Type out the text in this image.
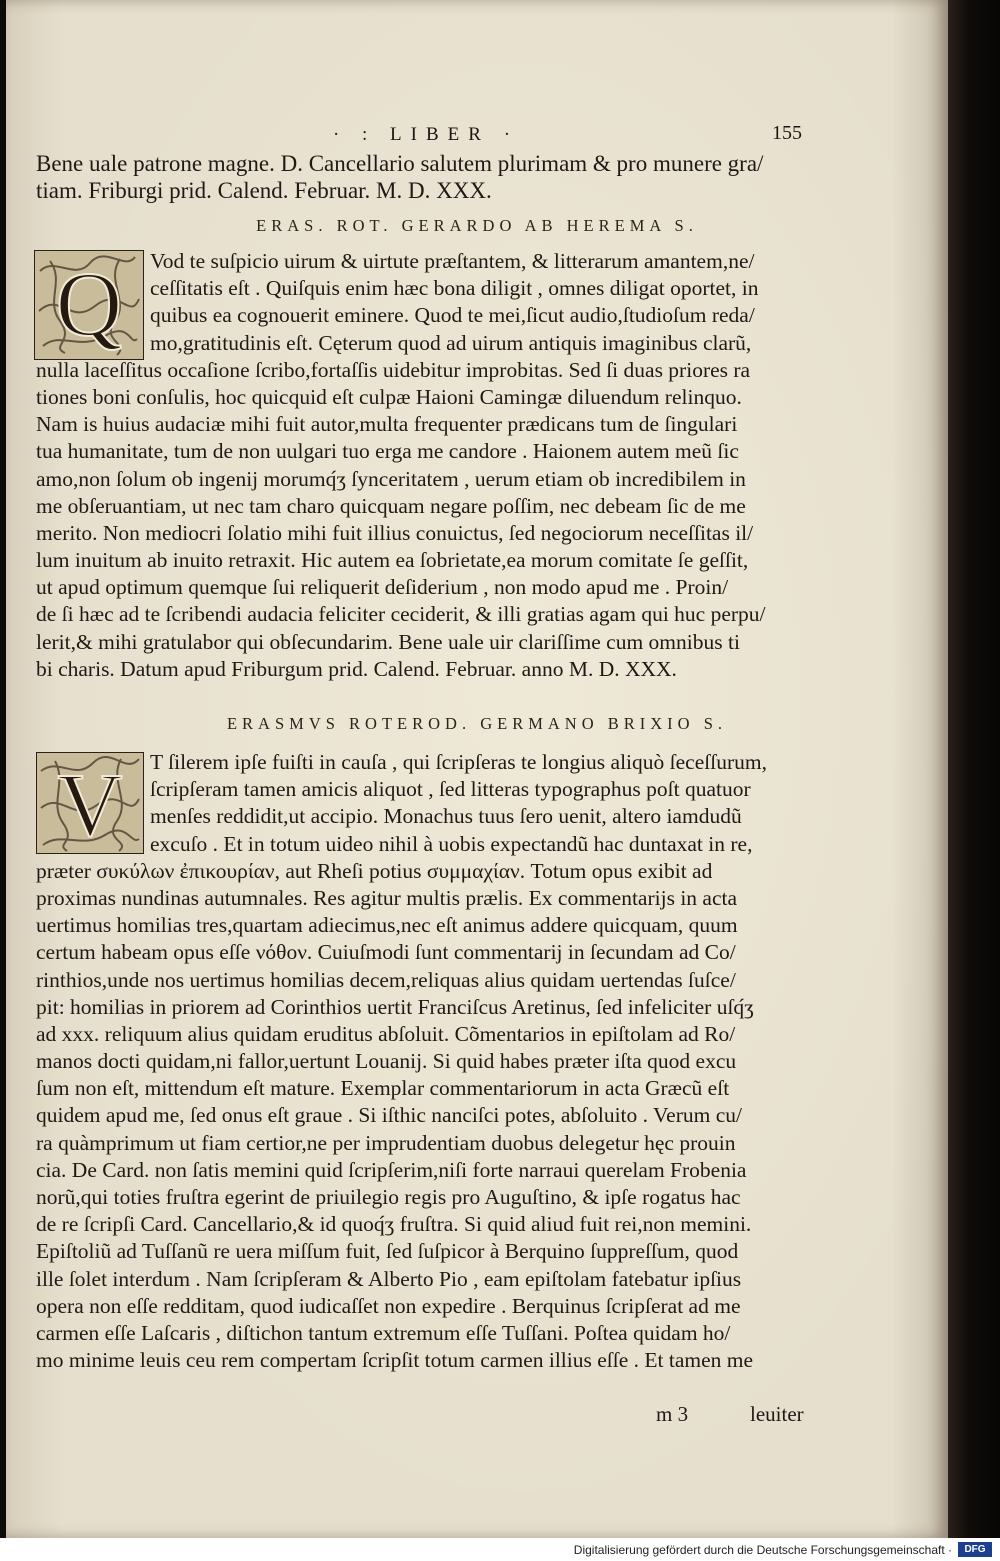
· : LIBER ·	155
Bene uale patrone magne. D. Cancellario salutem plurimam & pro munere gra/
tiam. Friburgi prid. Calend. Februar. M. D. XXX.
ERAS. ROT. GERARDO AB HEREMA S.
Q	Vod te suſpicio uirum & uirtute præſtantem, & litterarum amantem,ne/
ceſſitatis eſt . Quiſquis enim hæc bona diligit , omnes diligat oportet, in
quibus ea cognouerit eminere. Quod te mei,ſicut audio,ſtudioſum reda/
mo,gratitudinis eſt. Cęterum quod ad uirum antiquis imaginibus clarũ,
nulla laceſſitus occaſione ſcribo,fortaſſis uidebitur improbitas. Sed ſi duas priores ra
tiones boni conſulis, hoc quicquid eſt culpæ Haioni Camingæ diluendum relinquo.
Nam is huius audaciæ mihi fuit autor,multa frequenter prædicans tum de ſingulari
tua humanitate, tum de non uulgari tuo erga me candore . Haionem autem meũ ſic
amo,non ſolum ob ingenij morumq́ʒ ſynceritatem , uerum etiam ob incredibilem in
me obſeruantiam, ut nec tam charo quicquam negare poſſim, nec debeam ſic de me
merito. Non mediocri ſolatio mihi fuit illius conuictus, ſed negociorum neceſſitas il/
lum inuitum ab inuito retraxit. Hic autem ea ſobrietate,ea morum comitate ſe geſſit,
ut apud optimum quemque ſui reliquerit deſiderium , non modo apud me . Proin/
de ſi hæc ad te ſcribendi audacia feliciter ceciderit, & illi gratias agam qui huc perpu/
lerit,& mihi gratulabor qui obſecundarim. Bene uale uir clariſſime cum omnibus ti
bi charis. Datum apud Friburgum prid. Calend. Februar. anno M. D. XXX.
ERASMVS ROTEROD. GERMANO BRIXIO S.
V	T ſilerem ipſe fuiſti in cauſa , qui ſcripſeras te longius aliquò ſeceſſurum,
ſcripſeram tamen amicis aliquot , ſed litteras typographus poſt quatuor
menſes reddidit,ut accipio. Monachus tuus ſero uenit, altero iamdudũ
excuſo . Et in totum uideo nihil à uobis expectandũ hac duntaxat in re,
præter συκύλων ἐπικουρίαν, aut Rheſi potius συμμαχίαν. Totum opus exibit ad
proximas nundinas autumnales. Res agitur multis prælis. Ex commentarijs in acta
uertimus homilias tres,quartam adiecimus,nec eſt animus addere quicquam, quum
certum habeam opus eſſe νόθον. Cuiuſmodi ſunt commentarij in ſecundam ad Co/
rinthios,unde nos uertimus homilias decem,reliquas alius quidam uertendas ſuſce/
pit: homilias in priorem ad Corinthios uertit Franciſcus Aretinus, ſed infeliciter uſq́ʒ
ad xxx. reliquum alius quidam eruditus abſoluit. Cõmentarios in epiſtolam ad Ro/
manos docti quidam,ni fallor,uertunt Louanij. Si quid habes præter iſta quod excu
ſum non eſt, mittendum eſt mature. Exemplar commentariorum in acta Græcũ eſt
quidem apud me, ſed onus eſt graue . Si iſthic nanciſci potes, abſoluito . Verum cu/
ra quàmprimum ut fiam certior,ne per imprudentiam duobus delegetur hęc prouin
cia. De Card. non ſatis memini quid ſcripſerim,niſi forte narraui querelam Frobenia
norũ,qui toties fruſtra egerint de priuilegio regis pro Auguſtino, & ipſe rogatus hac
de re ſcripſi Card. Cancellario,& id quoq́ʒ fruſtra. Si quid aliud fuit rei,non memini.
Epiſtoliũ ad Tuſſanũ re uera miſſum fuit, ſed ſuſpicor à Berquino ſuppreſſum, quod
ille ſolet interdum . Nam ſcripſeram & Alberto Pio , eam epiſtolam fatebatur ipſius
opera non eſſe redditam, quod iudicaſſet non expedire . Berquinus ſcripſerat ad me
carmen eſſe Laſcaris , diſtichon tantum extremum eſſe Tuſſani. Poſtea quidam ho/
mo minime leuis ceu rem compertam ſcripſit totum carmen illius eſſe . Et tamen me
m 3	leuiter
Digitalisierung gefördert durch die Deutsche Forschungsgemeinschaft ·	DFG
